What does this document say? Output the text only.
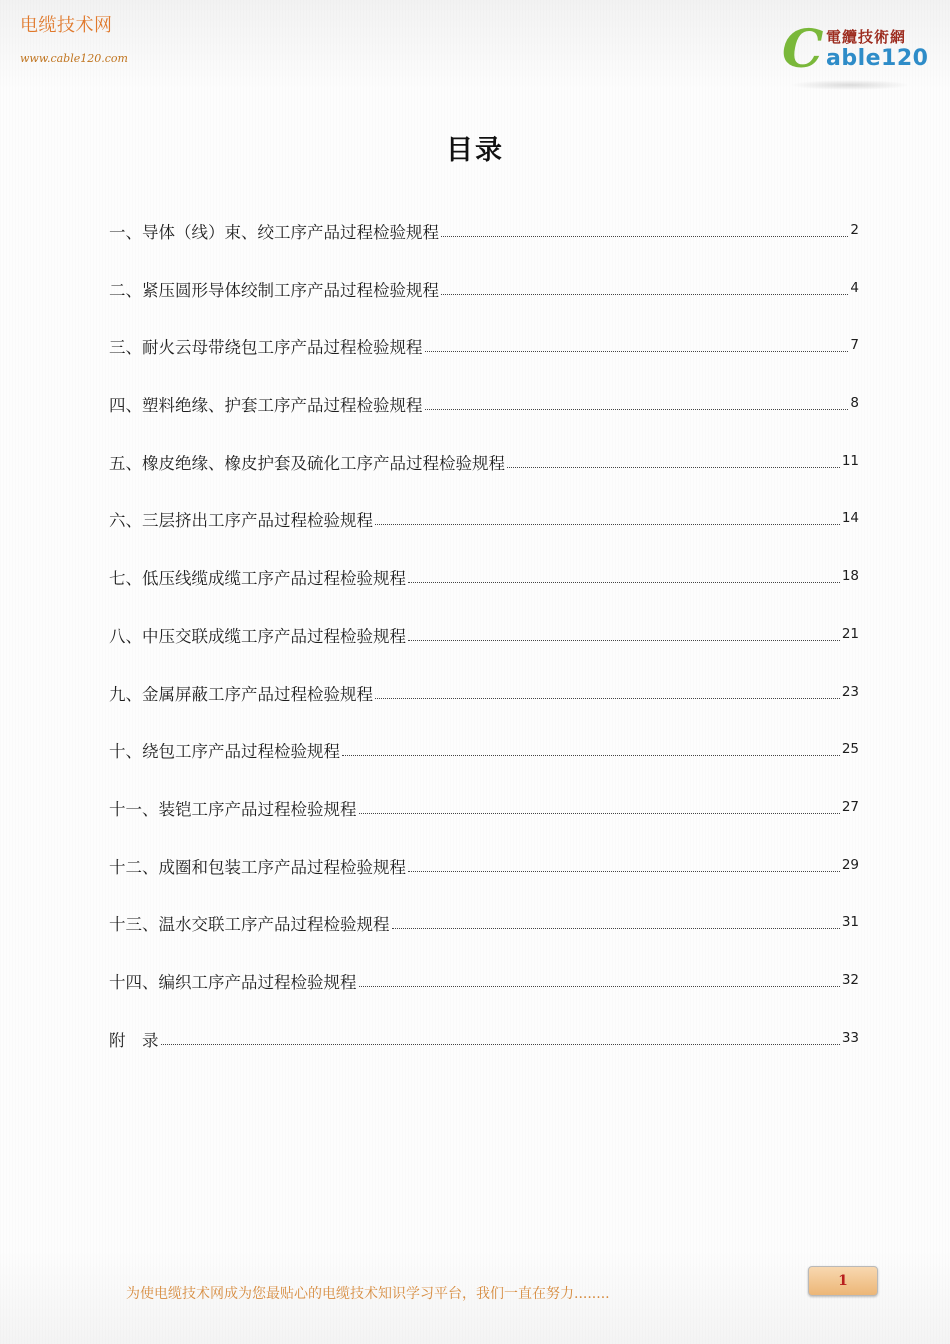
电缆技术网
www.cable120.com	C 電纜技術網
able120
目录
一、导体（线）束、绞工序产品过程检验规程	2
二、紧压圆形导体绞制工序产品过程检验规程	4
三、耐火云母带绕包工序产品过程检验规程	7
四、塑料绝缘、护套工序产品过程检验规程	8
五、橡皮绝缘、橡皮护套及硫化工序产品过程检验规程	11
六、三层挤出工序产品过程检验规程	14
七、低压线缆成缆工序产品过程检验规程	18
八、中压交联成缆工序产品过程检验规程	21
九、金属屏蔽工序产品过程检验规程	23
十、绕包工序产品过程检验规程	25
十一、装铠工序产品过程检验规程	27
十二、成圈和包装工序产品过程检验规程	29
十三、温水交联工序产品过程检验规程	31
十四、编织工序产品过程检验规程	32
附　录	33
为使电缆技术网成为您最贴心的电缆技术知识学习平台，我们一直在努力........
1
